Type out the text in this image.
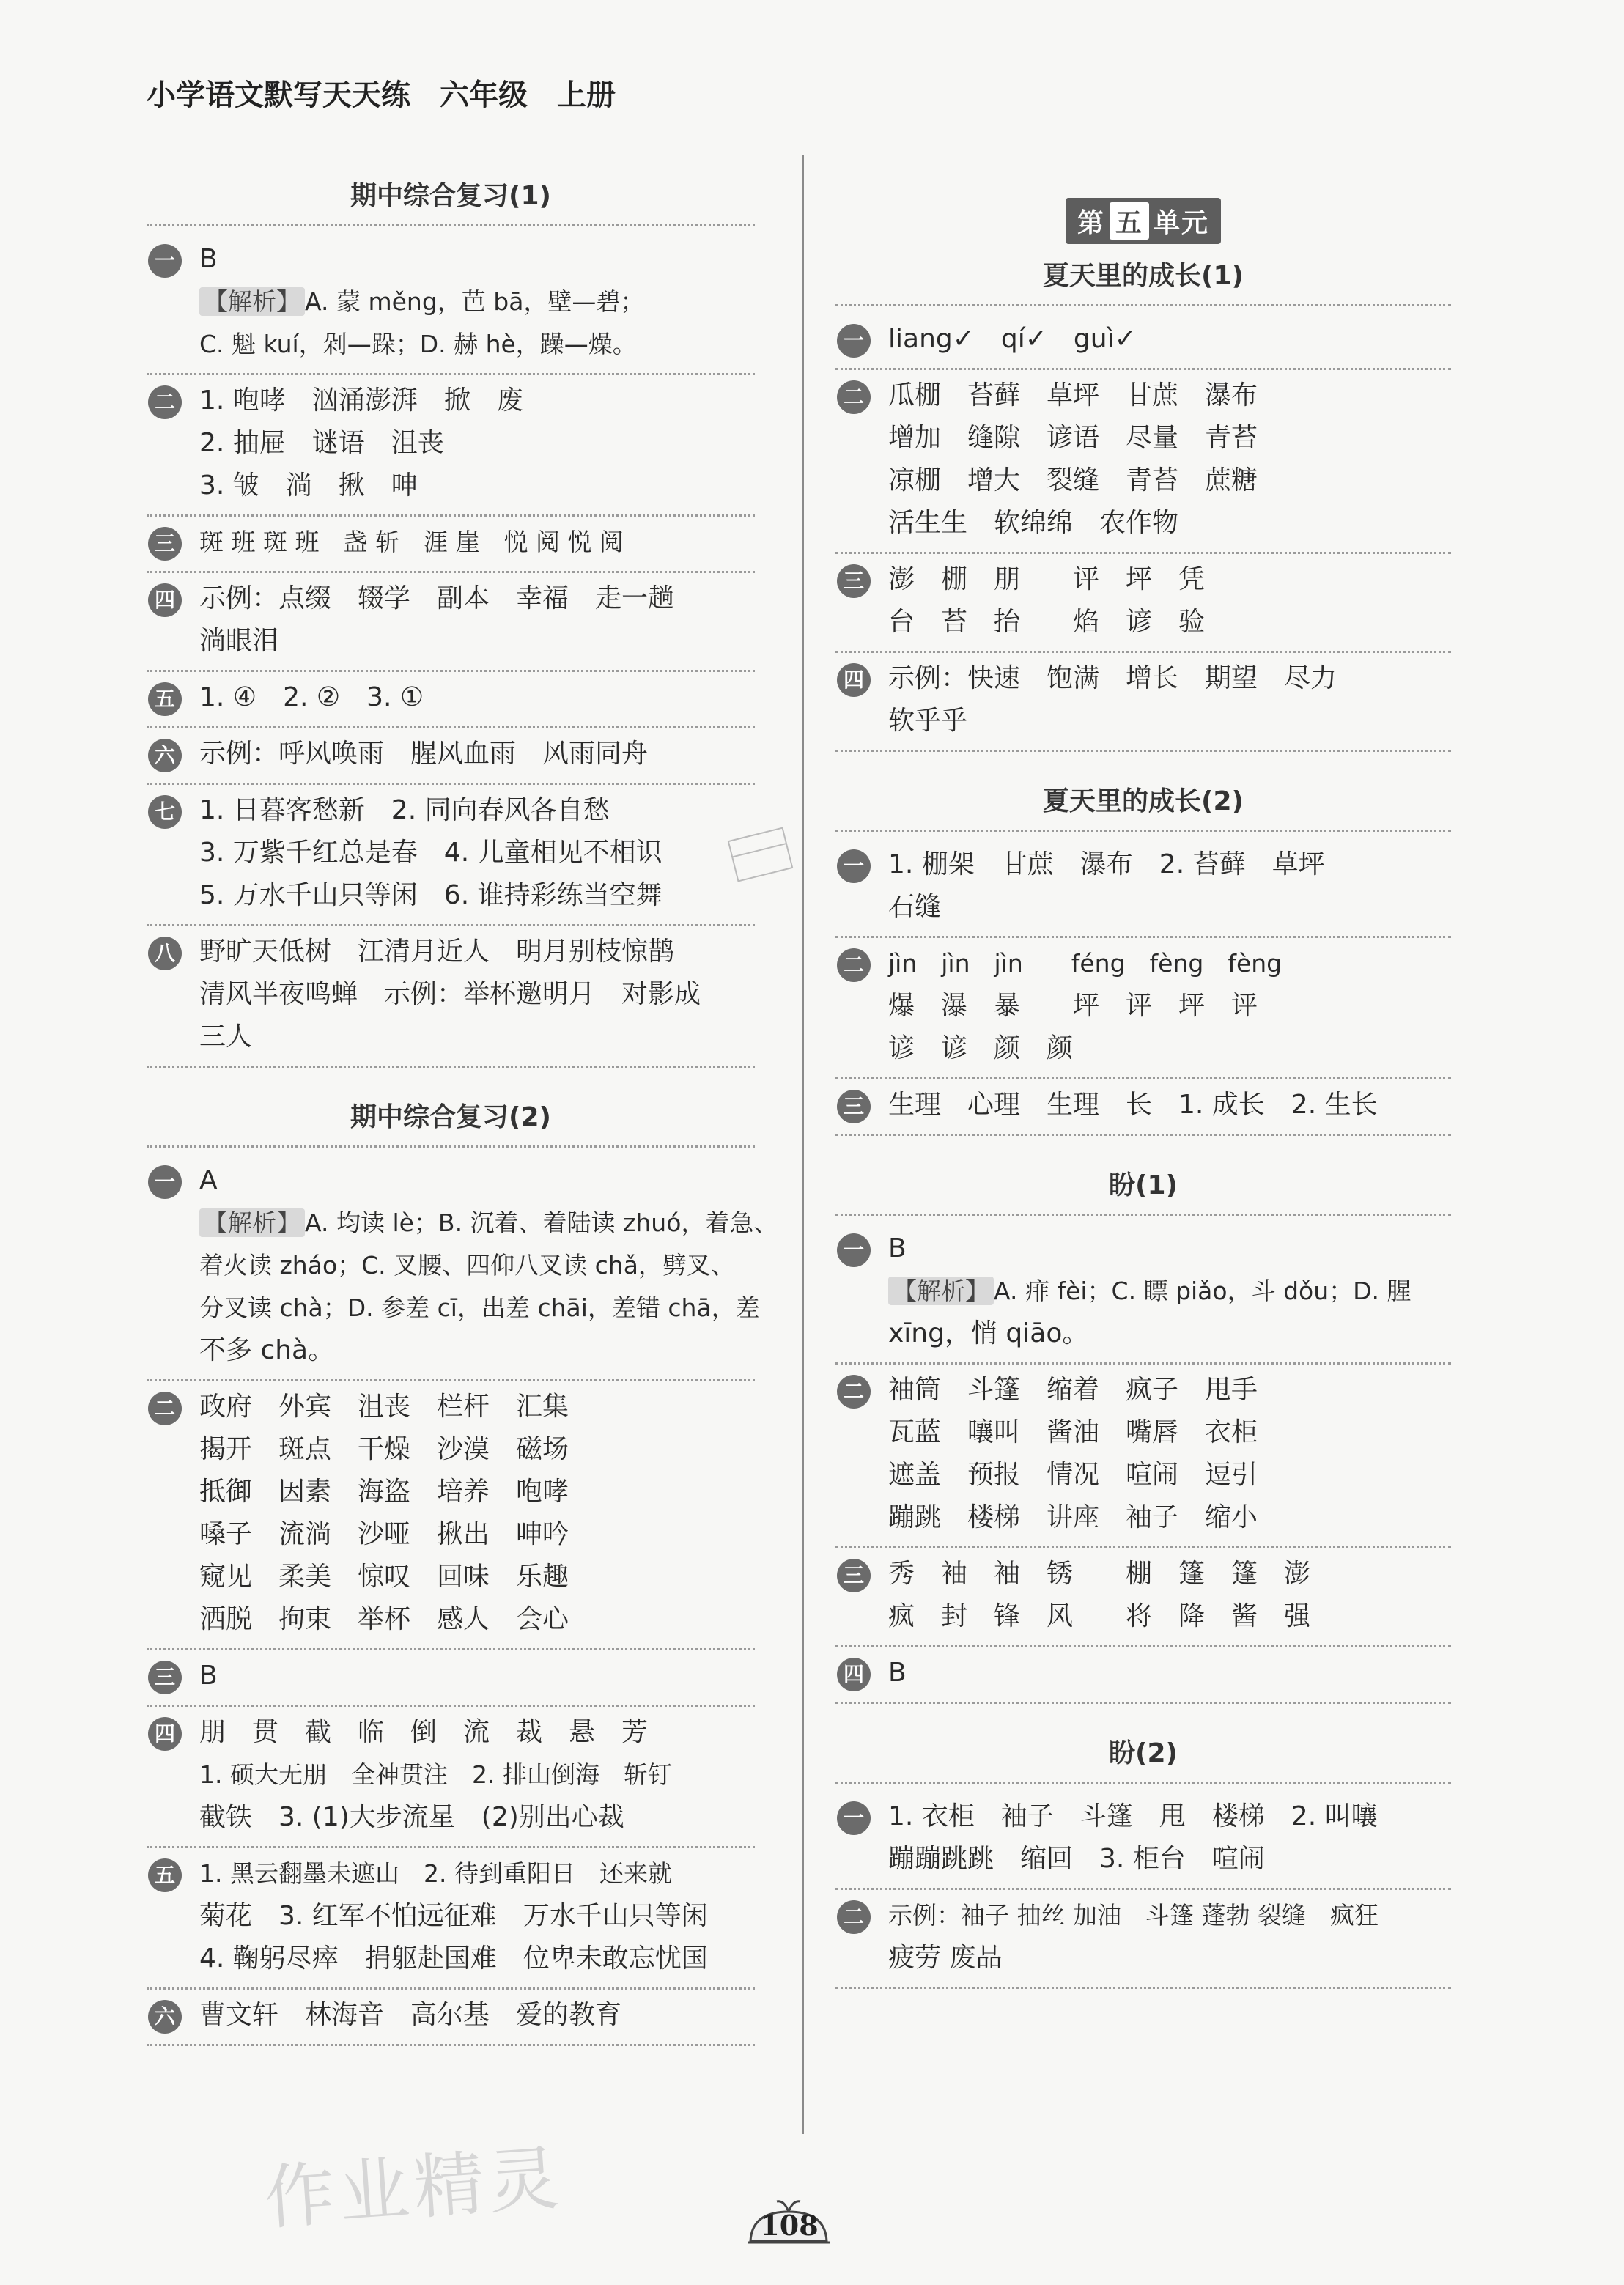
小学语文默写天天练 六年级 上册
期中综合复习(1)
一 B
【解析】 A. 蒙 měng，芭 bā，壁—碧；
C. 魁 kuí，剁—跺；D. 赫 hè，躁—燥。
二 1. 咆哮　汹涌澎湃　掀　废
2. 抽屉　谜语　沮丧
3. 皱　淌　揪　呻
三 斑 班 斑 班　盏 斩　涯 崖　悦 阅 悦 阅
四 示例：点缀　辍学　副本　幸福　走一趟
淌眼泪
五 1. ④　2. ②　3. ①
六 示例：呼风唤雨　腥风血雨　风雨同舟
七 1. 日暮客愁新　2. 同向春风各自愁
3. 万紫千红总是春　4. 儿童相见不相识
5. 万水千山只等闲　6. 谁持彩练当空舞
八 野旷天低树　江清月近人　明月别枝惊鹊
清风半夜鸣蝉　示例：举杯邀明月　对影成
三人
期中综合复习(2)
一 A
【解析】 A. 均读 lè；B. 沉着、着陆读 zhuó，着急、
着火读 zháo；C. 叉腰、四仰八叉读 chǎ，劈叉、
分叉读 chà；D. 参差 cī，出差 chāi，差错 chā，差
不多 chà。
二 政府　外宾　沮丧　栏杆　汇集
揭开　斑点　干燥　沙漠　磁场
抵御　因素　海盗　培养　咆哮
嗓子　流淌　沙哑　揪出　呻吟
窥见　柔美　惊叹　回味　乐趣
洒脱　拘束　举杯　感人　会心
三 B
四 朋　贯　截　临　倒　流　裁　悬　芳
1. 硕大无朋　全神贯注　2. 排山倒海　斩钉
截铁　3. (1)大步流星　(2)别出心裁
五 1. 黑云翻墨未遮山　2. 待到重阳日　还来就
菊花　3. 红军不怕远征难　万水千山只等闲
4. 鞠躬尽瘁　捐躯赴国难　位卑未敢忘忧国
六 曹文轩　林海音　高尔基　爱的教育
第 五 单元
夏天里的成长(1)
一 liang✓　qí✓　guì✓
二 瓜棚　苔藓　草坪　甘蔗　瀑布
增加　缝隙　谚语　尽量　青苔
凉棚　增大　裂缝　青苔　蔗糖
活生生　软绵绵　农作物
三 澎　棚　朋　　评　坪　凭
台　苔　抬　　焰　谚　验
四 示例：快速　饱满　增长　期望　尽力
软乎乎
夏天里的成长(2)
一 1. 棚架　甘蔗　瀑布　2. 苔藓　草坪
石缝
二 jìn　jìn　jìn　　féng　fèng　fèng
爆　瀑　暴　　坪　评　坪　评
谚　谚　颜　颜
三 生理　心理　生理　长　1. 成长　2. 生长
盼(1)
一 B
【解析】 A. 痱 fèi；C. 瞟 piǎo，斗 dǒu；D. 腥
xīng，悄 qiāo。
二 袖筒　斗篷　缩着　疯子　甩手
瓦蓝　嚷叫　酱油　嘴唇　衣柜
遮盖　预报　情况　喧闹　逗引
蹦跳　楼梯　讲座　袖子　缩小
三 秀　袖　袖　锈　　棚　篷　篷　澎
疯　封　锋　风　　将　降　酱　强
四 B
盼(2)
一 1. 衣柜　袖子　斗篷　甩　楼梯　2. 叫嚷
蹦蹦跳跳　缩回　3. 柜台　喧闹
二 示例：袖子 抽丝 加油　斗篷 蓬勃 裂缝　疯狂
疲劳 废品
作业精灵	108
